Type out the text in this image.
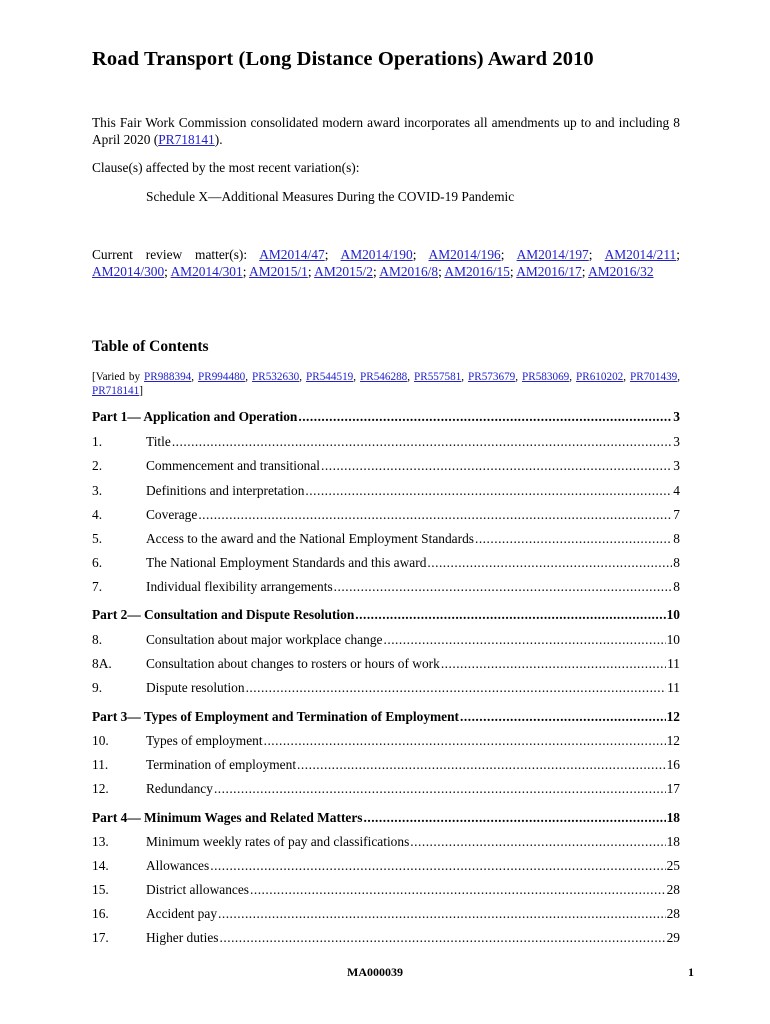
Road Transport (Long Distance Operations) Award 2010

This Fair Work Commission consolidated modern award incorporates all amendments up to and including 8 April 2020 (PR718141).

Clause(s) affected by the most recent variation(s):

Schedule X—Additional Measures During the COVID-19 Pandemic

Current review matter(s): AM2014/47; AM2014/190; AM2014/196; AM2014/197; AM2014/211; AM2014/300; AM2014/301; AM2015/1; AM2015/2; AM2016/8; AM2016/15; AM2016/17; AM2016/32

Table of Contents

[Varied by PR988394, PR994480, PR532630, PR544519, PR546288, PR557581, PR573679, PR583069, PR610202, PR701439, PR718141]

Part 1— Application and Operation .....	3
1.	Title .....	3
2.	Commencement and transitional .....	3
3.	Definitions and interpretation .....	4
4.	Coverage .....	7
5.	Access to the award and the National Employment Standards .....	8
6.	The National Employment Standards and this award .....	8
7.	Individual flexibility arrangements .....	8
Part 2— Consultation and Dispute Resolution .....	10
8.	Consultation about major workplace change .....	10
8A.	Consultation about changes to rosters or hours of work .....	11
9.	Dispute resolution .....	11
Part 3— Types of Employment and Termination of Employment .....	12
10.	Types of employment .....	12
11.	Termination of employment .....	16
12.	Redundancy .....	17
Part 4— Minimum Wages and Related Matters .....	18
13.	Minimum weekly rates of pay and classifications .....	18
14.	Allowances .....	25
15.	District allowances .....	28
16.	Accident pay .....	28
17.	Higher duties .....	29
MA000039	1
